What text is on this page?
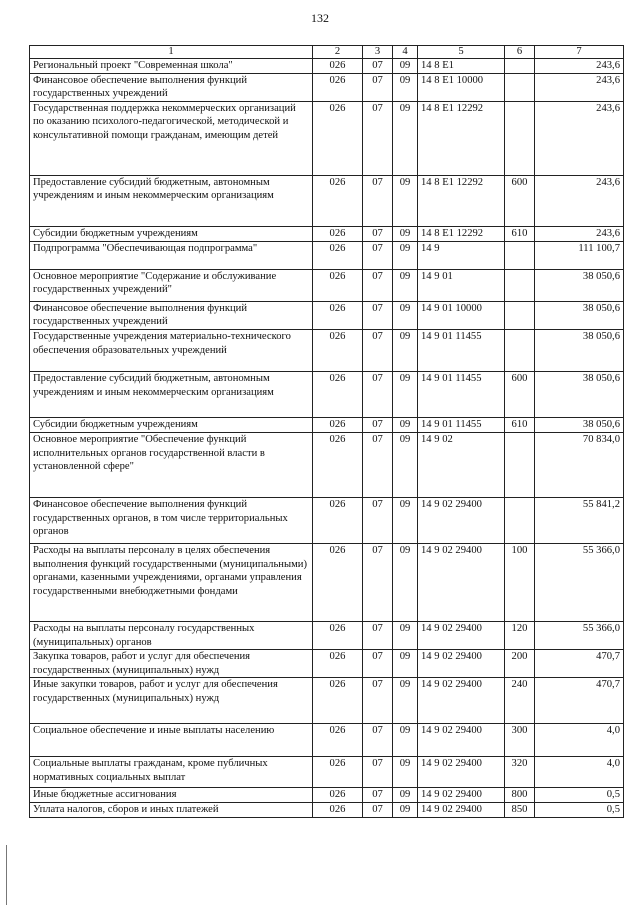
132
1	2	3	4	5	6	7
Региональный проект "Современная школа"	026	07	09	14 8 E1		243,6
Финансовое обеспечение выполнения функций государственных учреждений	026	07	09	14 8 E1 10000		243,6
Государственная поддержка некоммерческих организаций по оказанию психолого-педагогической, методической и консультативной помощи гражданам, имеющим детей	026	07	09	14 8 E1 12292		243,6
Предоставление субсидий бюджетным, автономным учреждениям и иным некоммерческим организациям	026	07	09	14 8 E1 12292	600	243,6
Субсидии бюджетным учреждениям	026	07	09	14 8 E1 12292	610	243,6
Подпрограмма "Обеспечивающая подпрограмма"	026	07	09	14 9		111 100,7
Основное мероприятие "Содержание и обслуживание государственных учреждений"	026	07	09	14 9 01		38 050,6
Финансовое обеспечение выполнения функций государственных учреждений	026	07	09	14 9 01 10000		38 050,6
Государственные учреждения материально-технического обеспечения образовательных учреждений	026	07	09	14 9 01 11455		38 050,6
Предоставление субсидий бюджетным, автономным учреждениям и иным некоммерческим организациям	026	07	09	14 9 01 11455	600	38 050,6
Субсидии бюджетным учреждениям	026	07	09	14 9 01 11455	610	38 050,6
Основное мероприятие "Обеспечение функций исполнительных органов государственной власти в установленной сфере"	026	07	09	14 9 02		70 834,0
Финансовое обеспечение выполнения функций государственных органов, в том числе территориальных органов	026	07	09	14 9 02 29400		55 841,2
Расходы на выплаты персоналу в целях обеспечения выполнения функций государственными (муниципальными) органами, казенными учреждениями, органами управления государственными внебюджетными фондами	026	07	09	14 9 02 29400	100	55 366,0
Расходы на выплаты персоналу государственных (муниципальных) органов	026	07	09	14 9 02 29400	120	55 366,0
Закупка товаров, работ и услуг для обеспечения государственных (муниципальных) нужд	026	07	09	14 9 02 29400	200	470,7
Иные закупки товаров, работ и услуг для обеспечения государственных (муниципальных) нужд	026	07	09	14 9 02 29400	240	470,7
Социальное обеспечение и иные выплаты населению	026	07	09	14 9 02 29400	300	4,0
Социальные выплаты гражданам, кроме публичных нормативных социальных выплат	026	07	09	14 9 02 29400	320	4,0
Иные бюджетные ассигнования	026	07	09	14 9 02 29400	800	0,5
Уплата налогов, сборов и иных платежей	026	07	09	14 9 02 29400	850	0,5
